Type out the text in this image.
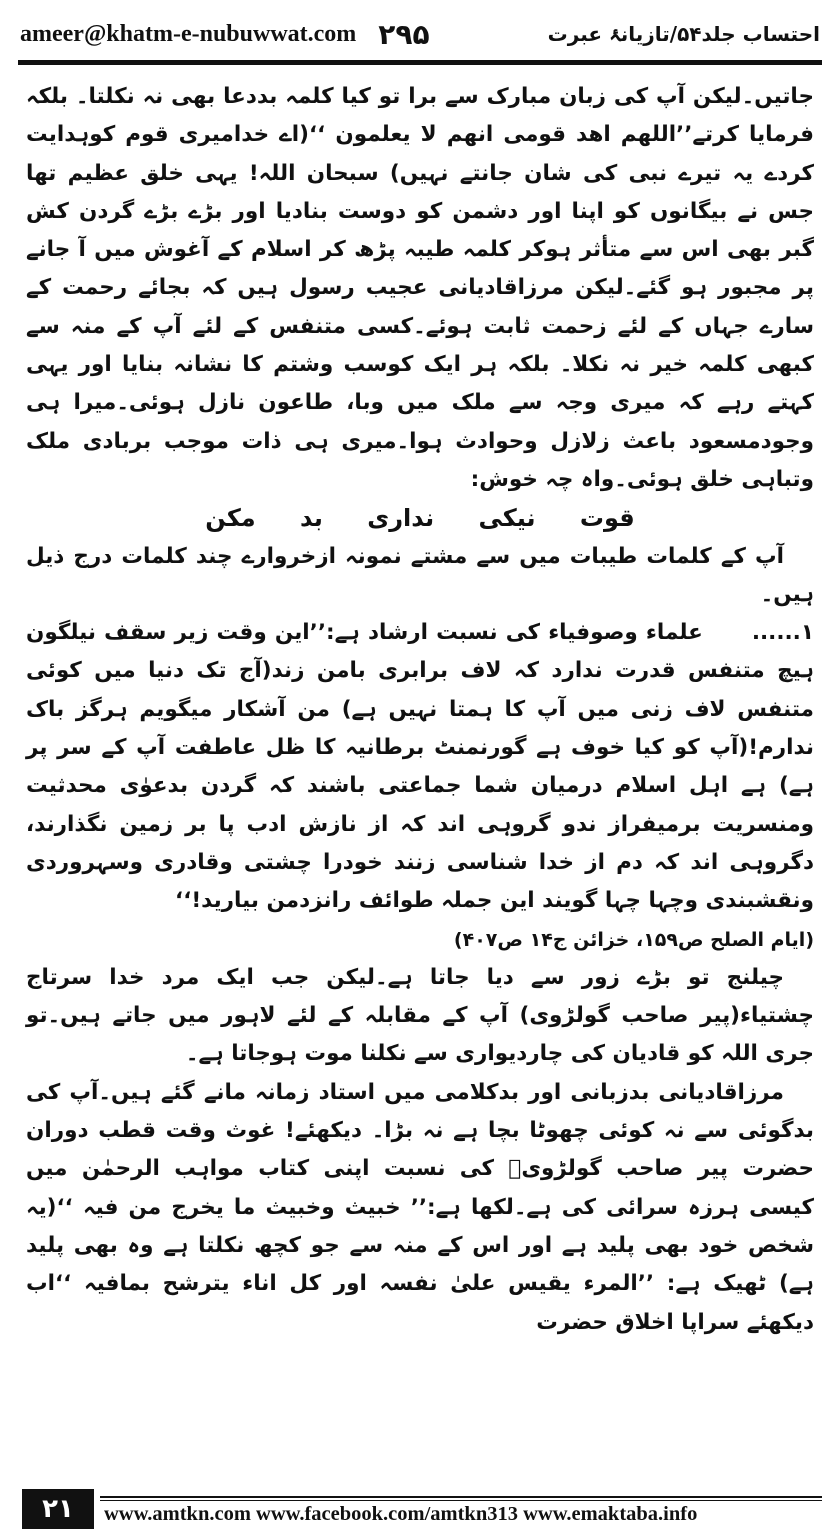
ameer@khatm-e-nubuwwat.com ۲۹۵	احتساب جلد۵۴/تازیانۂ عبرت

جاتیں۔لیکن آپ کی زبان مبارک سے برا تو کیا کلمہ بددعا بھی نہ نکلتا۔ بلکہ فرمایا کرتے’’اللھم اھد قومی انھم لا یعلمون ‘‘(اے خدامیری قوم کوہدایت کردے یہ تیرے نبی کی شان جانتے نہیں) سبحان اللہ! یہی خلق عظیم تھا جس نے بیگانوں کو اپنا اور دشمن کو دوست بنادیا اور بڑے بڑے گردن کش گبر بھی اس سے متأثر ہوکر کلمہ طیبہ پڑھ کر اسلام کے آغوش میں آ جانے پر مجبور ہو گئے۔لیکن مرزاقادیانی عجیب رسول ہیں کہ بجائے رحمت کے سارے جہاں کے لئے زحمت ثابت ہوئے۔کسی متنفس کے لئے آپ کے منہ سے کبھی کلمہ خیر نہ نکلا۔ بلکہ ہر ایک کوسب وشتم کا نشانہ بنایا اور یہی کہتے رہے کہ میری وجہ سے ملک میں وبا، طاعون نازل ہوئی۔میرا ہی وجودمسعود باعث زلازل وحوادث ہوا۔میری ہی ذات موجب بربادی ملک وتباہی خلق ہوئی۔واہ چہ خوش:

قوت نیکی نداری بد مکن

آپ کے کلمات طیبات میں سے مشتے نمونہ ازخروارے چند کلمات درج ذیل ہیں۔

۱......      علماء وصوفیاء کی نسبت ارشاد ہے:’’این وقت زیر سقف نیلگون ہیچ متنفس قدرت ندارد کہ لاف برابری بامن زند(آج تک دنیا میں کوئی متنفس لاف زنی میں آپ کا ہمتا نہیں ہے) من آشکار میگویم ہرگز باک ندارم!(آپ کو کیا خوف ہے گورنمنٹ برطانیہ کا ظل عاطفت آپ کے سر پر ہے) ہے اہل اسلام درمیان شما جماعتی باشند کہ گردن بدعوٰی محدثیت ومنسریت برمیفراز ندو گروہی اند کہ از نازش ادب پا بر زمین نگذارند، دگروہی اند کہ دم از خدا شناسی زنند خودرا چشتی وقادری وسہروردی ونقشبندی وچہا چہا گویند این جملہ طوائف رانزدمن بیارید!‘‘

(ایام الصلح ص۱۵۹، خزائن ج۱۴ ص۴۰۷)

چیلنج تو بڑے زور سے دیا جاتا ہے۔لیکن جب ایک مرد خدا سرتاج چشتیاء(پیر صاحب گولڑوی) آپ کے مقابلہ کے لئے لاہور میں جاتے ہیں۔تو جری اللہ کو قادیان کی چاردیواری سے نکلنا موت ہوجاتا ہے۔

مرزاقادیانی بدزبانی اور بدکلامی میں استاد زمانہ مانے گئے ہیں۔آپ کی بدگوئی سے نہ کوئی چھوٹا بچا ہے نہ بڑا۔ دیکھئے! غوث وقت قطب دوران حضرت پیر صاحب گولڑویؒ کی نسبت اپنی کتاب مواہب الرحمٰن میں کیسی ہرزہ سرائی کی ہے۔لکھا ہے:’’ خبیث وخبیث ما یخرج من فیہ ‘‘(یہ شخص خود بھی پلید ہے اور اس کے منہ سے جو کچھ نکلتا ہے وہ بھی پلید ہے) ٹھیک ہے: ’’المرء یقیس علیٰ نفسہ اور کل اناء یترشح بمافیہ ‘‘اب دیکھئے سراپا اخلاق حضرت

۲۱	www.amtkn.com www.facebook.com/amtkn313 www.emaktaba.info
